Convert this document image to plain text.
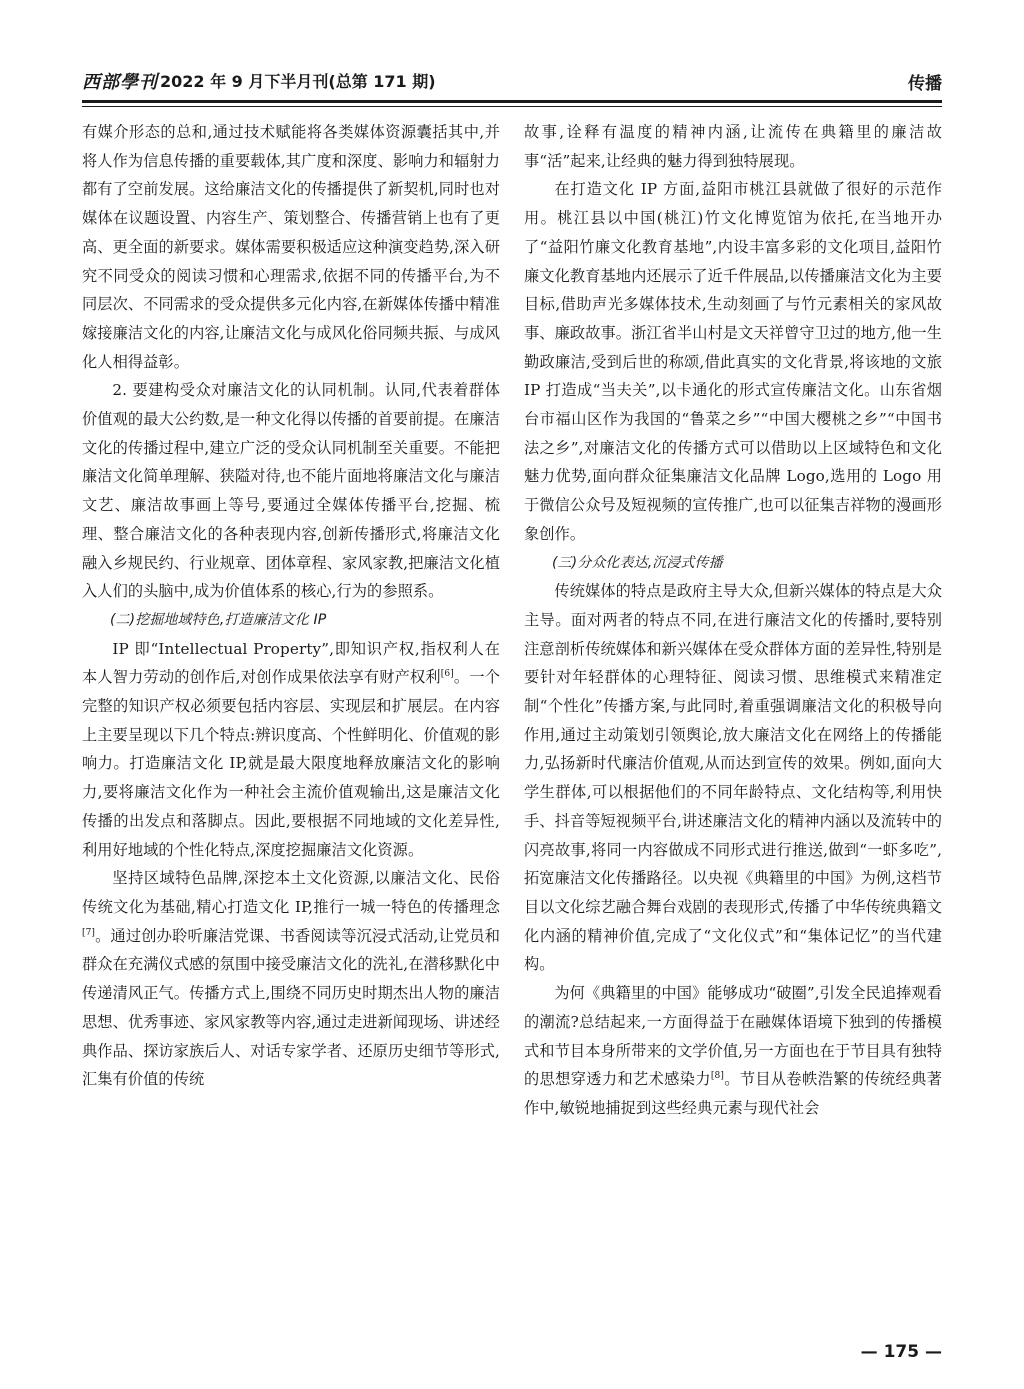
西部學刊 2022 年 9 月下半月刊(总第 171 期)	传播

有媒介形态的总和,通过技术赋能将各类媒体资源囊括其中,并将人作为信息传播的重要载体,其广度和深度、影响力和辐射力都有了空前发展。这给廉洁文化的传播提供了新契机,同时也对媒体在议题设置、内容生产、策划整合、传播营销上也有了更高、更全面的新要求。媒体需要积极适应这种演变趋势,深入研究不同受众的阅读习惯和心理需求,依据不同的传播平台,为不同层次、不同需求的受众提供多元化内容,在新媒体传播中精准嫁接廉洁文化的内容,让廉洁文化与成风化俗同频共振、与成风化人相得益彰。

2. 要建构受众对廉洁文化的认同机制。认同,代表着群体价值观的最大公约数,是一种文化得以传播的首要前提。在廉洁文化的传播过程中,建立广泛的受众认同机制至关重要。不能把廉洁文化简单理解、狭隘对待,也不能片面地将廉洁文化与廉洁文艺、廉洁故事画上等号,要通过全媒体传播平台,挖掘、梳理、整合廉洁文化的各种表现内容,创新传播形式,将廉洁文化融入乡规民约、行业规章、团体章程、家风家教,把廉洁文化植入人们的头脑中,成为价值体系的核心,行为的参照系。

(二)挖掘地域特色,打造廉洁文化 IP

IP 即“Intellectual Property”,即知识产权,指权利人在本人智力劳动的创作后,对创作成果依法享有财产权利[6]。一个完整的知识产权必须要包括内容层、实现层和扩展层。在内容上主要呈现以下几个特点:辨识度高、个性鲜明化、价值观的影响力。打造廉洁文化 IP,就是最大限度地释放廉洁文化的影响力,要将廉洁文化作为一种社会主流价值观输出,这是廉洁文化传播的出发点和落脚点。因此,要根据不同地域的文化差异性,利用好地域的个性化特点,深度挖掘廉洁文化资源。

坚持区域特色品牌,深挖本土文化资源,以廉洁文化、民俗传统文化为基础,精心打造文化 IP,推行一城一特色的传播理念[7]。通过创办聆听廉洁党课、书香阅读等沉浸式活动,让党员和群众在充满仪式感的氛围中接受廉洁文化的洗礼,在潜移默化中传递清风正气。传播方式上,围绕不同历史时期杰出人物的廉洁思想、优秀事迹、家风家教等内容,通过走进新闻现场、讲述经典作品、探访家族后人、对话专家学者、还原历史细节等形式,汇集有价值的传统

故事,诠释有温度的精神内涵,让流传在典籍里的廉洁故事“活”起来,让经典的魅力得到独特展现。

在打造文化 IP 方面,益阳市桃江县就做了很好的示范作用。桃江县以中国(桃江)竹文化博览馆为依托,在当地开办了“益阳竹廉文化教育基地”,内设丰富多彩的文化项目,益阳竹廉文化教育基地内还展示了近千件展品,以传播廉洁文化为主要目标,借助声光多媒体技术,生动刻画了与竹元素相关的家风故事、廉政故事。浙江省半山村是文天祥曾守卫过的地方,他一生勤政廉洁,受到后世的称颂,借此真实的文化背景,将该地的文旅 IP 打造成“当夫关”,以卡通化的形式宣传廉洁文化。山东省烟台市福山区作为我国的“鲁菜之乡”“中国大樱桃之乡”“中国书法之乡”,对廉洁文化的传播方式可以借助以上区域特色和文化魅力优势,面向群众征集廉洁文化品牌 Logo,选用的 Logo 用于微信公众号及短视频的宣传推广,也可以征集吉祥物的漫画形象创作。

(三)分众化表达,沉浸式传播

传统媒体的特点是政府主导大众,但新兴媒体的特点是大众主导。面对两者的特点不同,在进行廉洁文化的传播时,要特别注意剖析传统媒体和新兴媒体在受众群体方面的差异性,特别是要针对年轻群体的心理特征、阅读习惯、思维模式来精准定制“个性化”传播方案,与此同时,着重强调廉洁文化的积极导向作用,通过主动策划引领舆论,放大廉洁文化在网络上的传播能力,弘扬新时代廉洁价值观,从而达到宣传的效果。例如,面向大学生群体,可以根据他们的不同年龄特点、文化结构等,利用快手、抖音等短视频平台,讲述廉洁文化的精神内涵以及流转中的闪亮故事,将同一内容做成不同形式进行推送,做到“一虾多吃”,拓宽廉洁文化传播路径。以央视《典籍里的中国》为例,这档节目以文化综艺融合舞台戏剧的表现形式,传播了中华传统典籍文化内涵的精神价值,完成了“文化仪式”和“集体记忆”的当代建构。

为何《典籍里的中国》能够成功“破圈”,引发全民追捧观看的潮流?总结起来,一方面得益于在融媒体语境下独到的传播模式和节目本身所带来的文学价值,另一方面也在于节目具有独特的思想穿透力和艺术感染力[8]。节目从卷帙浩繁的传统经典著作中,敏锐地捕捉到这些经典元素与现代社会

— 175 —
